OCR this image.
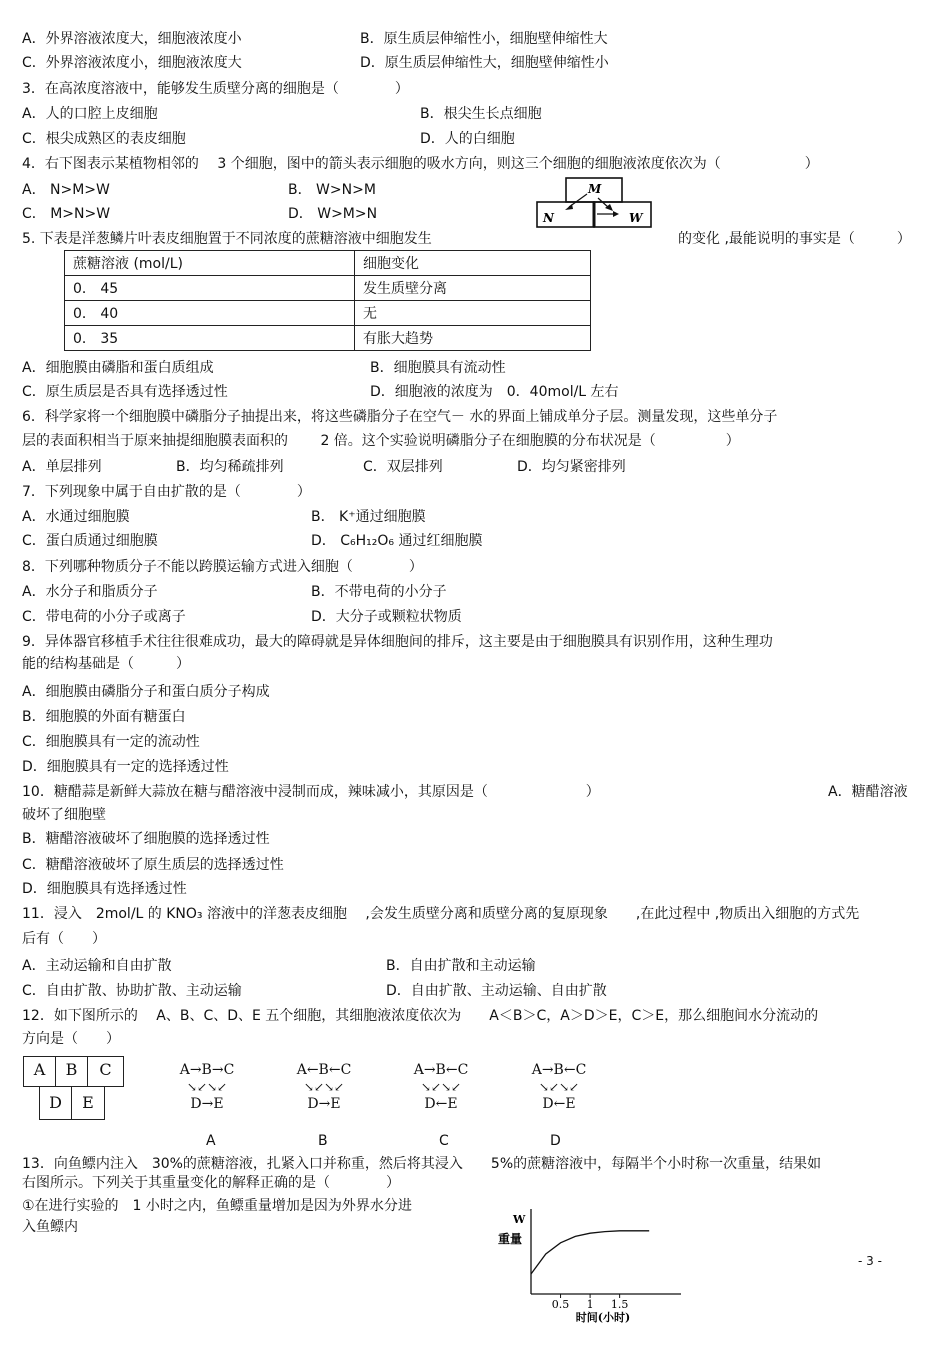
A．外界溶液浓度大，细胞液浓度小	B．原生质层伸缩性小，细胞壁伸缩性大
C．外界溶液浓度小，细胞液浓度大	D．原生质层伸缩性大，细胞壁伸缩性小
3．在高浓度溶液中，能够发生质壁分离的细胞是（　　　　）
A．人的口腔上皮细胞	B．根尖生长点细胞
C．根尖成熟区的表皮细胞	D．人的白细胞
4．右下图表示某植物相邻的　 3 个细胞，图中的箭头表示细胞的吸水方向，则这三个细胞的细胞液浓度依次为（　　　　　　）
A． N>M>W	B． W>N>M
C． M>N>W	D． W>M>N
M
N	W
5. 下表是洋葱鳞片叶表皮细胞置于不同浓度的蔗糖溶液中细胞发生	的变化 ,最能说明的事实是（　　　）
蔗糖溶液 (mol/L)	细胞变化
0． 45	发生质壁分离
0． 40	无
0． 35	有胀大趋势
A．细胞膜由磷脂和蛋白质组成	B．细胞膜具有流动性
C．原生质层是否具有选择透过性	D．细胞液的浓度为　0．40mol/L 左右
6．科学家将一个细胞膜中磷脂分子抽提出来，将这些磷脂分子在空气－ 水的界面上铺成单分子层。测量发现，这些单分子
层的表面积相当于原来抽提细胞膜表面积的　　 2 倍。这个实验说明磷脂分子在细胞膜的分布状况是（　　　　　）
A．单层排列	B．均匀稀疏排列	C．双层排列	D．均匀紧密排列
7．下列现象中属于自由扩散的是（　　　　）
A．水通过细胞膜	B． K⁺通过细胞膜
C．蛋白质通过细胞膜	D． C₆H₁₂O₆ 通过红细胞膜
8．下列哪种物质分子不能以跨膜运输方式进入细胞（　　　　）
A．水分子和脂质分子	B．不带电荷的小分子
C．带电荷的小分子或离子	D．大分子或颗粒状物质
9．异体器官移植手术往往很难成功，最大的障碍就是异体细胞间的排斥，这主要是由于细胞膜具有识别作用，这种生理功
能的结构基础是（　　　）
A．细胞膜由磷脂分子和蛋白质分子构成
B．细胞膜的外面有糖蛋白
C．细胞膜具有一定的流动性
D．细胞膜具有一定的选择透过性
10．糖醋蒜是新鲜大蒜放在糖与醋溶液中浸制而成，辣味减小，其原因是（　　　　　　　）	A．糖醋溶液
破坏了细胞壁
B．糖醋溶液破坏了细胞膜的选择透过性
C．糖醋溶液破坏了原生质层的选择透过性
D．细胞膜具有选择透过性
11．浸入　2mol/L 的 KNO₃ 溶液中的洋葱表皮细胞　 ,会发生质壁分离和质壁分离的复原现象　　,在此过程中 ,物质出入细胞的方式先
后有（　　）
A．主动运输和自由扩散	B．自由扩散和主动运输
C．自由扩散、协助扩散、主动运输	D．自由扩散、主动运输、自由扩散
12．如下图所示的　 A、B、C、D、E 五个细胞，其细胞液浓度依次为　　A＜B＞C，A＞D＞E，C＞E，那么细胞间水分流动的
方向是（　　）
A	B	C
D	E
A→B→C
↘↙↘↙
D→E
A←B←C
↘↙↘↙
D→E
A→B←C
↘↙↘↙
D←E
A→B←C
↘↙↘↙
D←E
A	B	C	D
13．向鱼鳔内注入　30%的蔗糖溶液，扎紧入口并称重，然后将其浸入　　5%的蔗糖溶液中，每隔半个小时称一次重量，结果如
右图所示。下列关于其重量变化的解释正确的是（　　　　）
①在进行实验的　1 小时之内，鱼鳔重量增加是因为外界水分进
入鱼鳔内	W
重量
0.5 1 1.5
时间(小时)
- 3 -
